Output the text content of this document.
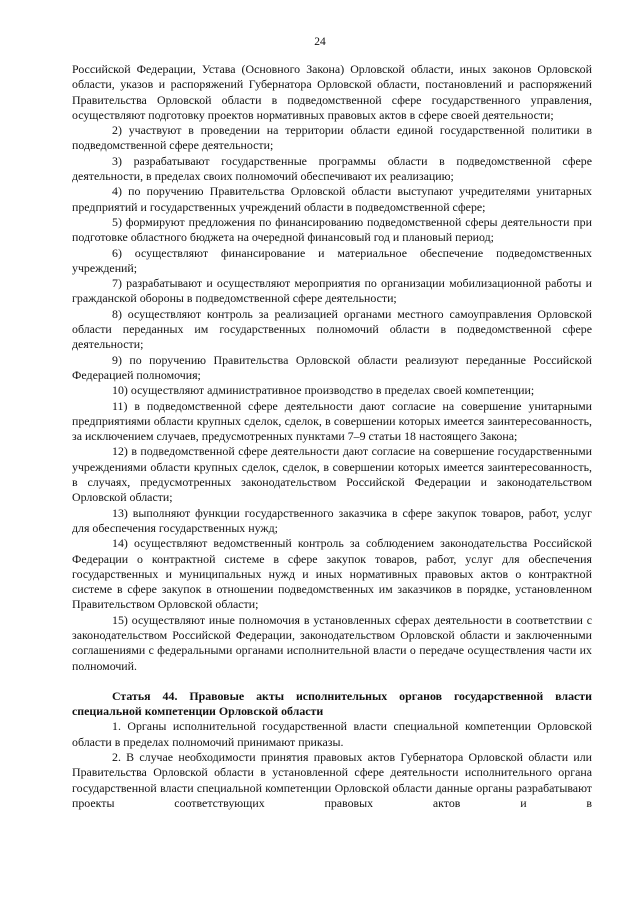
24

Российской Федерации, Устава (Основного Закона) Орловской области, иных законов Орловской области, указов и распоряжений Губернатора Орловской области, постановлений и распоряжений Правительства Орловской области в подведомственной сфере государственного управления, осуществляют подготовку проектов нормативных правовых актов в сфере своей деятельности;

2) участвуют в проведении на территории области единой государственной политики в подведомственной сфере деятельности;

3) разрабатывают государственные программы области в подведомственной сфере деятельности, в пределах своих полномочий обеспечивают их реализацию;

4) по поручению Правительства Орловской области выступают учредителями унитарных предприятий и государственных учреждений области в подведомственной сфере;

5) формируют предложения по финансированию подведомственной сферы деятельности при подготовке областного бюджета на очередной финансовый год и плановый период;

6) осуществляют финансирование и материальное обеспечение подведомственных учреждений;

7) разрабатывают и осуществляют мероприятия по организации мобилизационной работы и гражданской обороны в подведомственной сфере деятельности;

8) осуществляют контроль за реализацией органами местного самоуправления Орловской области переданных им государственных полномочий области в подведомственной сфере деятельности;

9) по поручению Правительства Орловской области реализуют переданные Российской Федерацией полномочия;

10) осуществляют административное производство в пределах своей компетенции;

11) в подведомственной сфере деятельности дают согласие на совершение унитарными предприятиями области крупных сделок, сделок, в совершении которых имеется заинтересованность, за исключением случаев, предусмотренных пунктами 7–9 статьи 18 настоящего Закона;

12) в подведомственной сфере деятельности дают согласие на совершение государственными учреждениями области крупных сделок, сделок, в совершении которых имеется заинтересованность, в случаях, предусмотренных законодательством Российской Федерации и законодательством Орловской области;

13) выполняют функции государственного заказчика в сфере закупок товаров, работ, услуг для обеспечения государственных нужд;

14) осуществляют ведомственный контроль за соблюдением законодательства Российской Федерации о контрактной системе в сфере закупок товаров, работ, услуг для обеспечения государственных и муниципальных нужд и иных нормативных правовых актов о контрактной системе в сфере закупок в отношении подведомственных им заказчиков в порядке, установленном Правительством Орловской области;

15) осуществляют иные полномочия в установленных сферах деятельности в соответствии с законодательством Российской Федерации, законодательством Орловской области и заключенными соглашениями с федеральными органами исполнительной власти о передаче осуществления части их полномочий.

Статья 44. Правовые акты исполнительных органов государственной власти специальной компетенции Орловской области

1. Органы исполнительной государственной власти специальной компетенции Орловской области в пределах полномочий принимают приказы.

2. В случае необходимости принятия правовых актов Губернатора Орловской области или Правительства Орловской области в установленной сфере деятельности исполнительного органа государственной власти специальной компетенции Орловской области данные органы разрабатывают проекты соответствующих правовых актов и в
